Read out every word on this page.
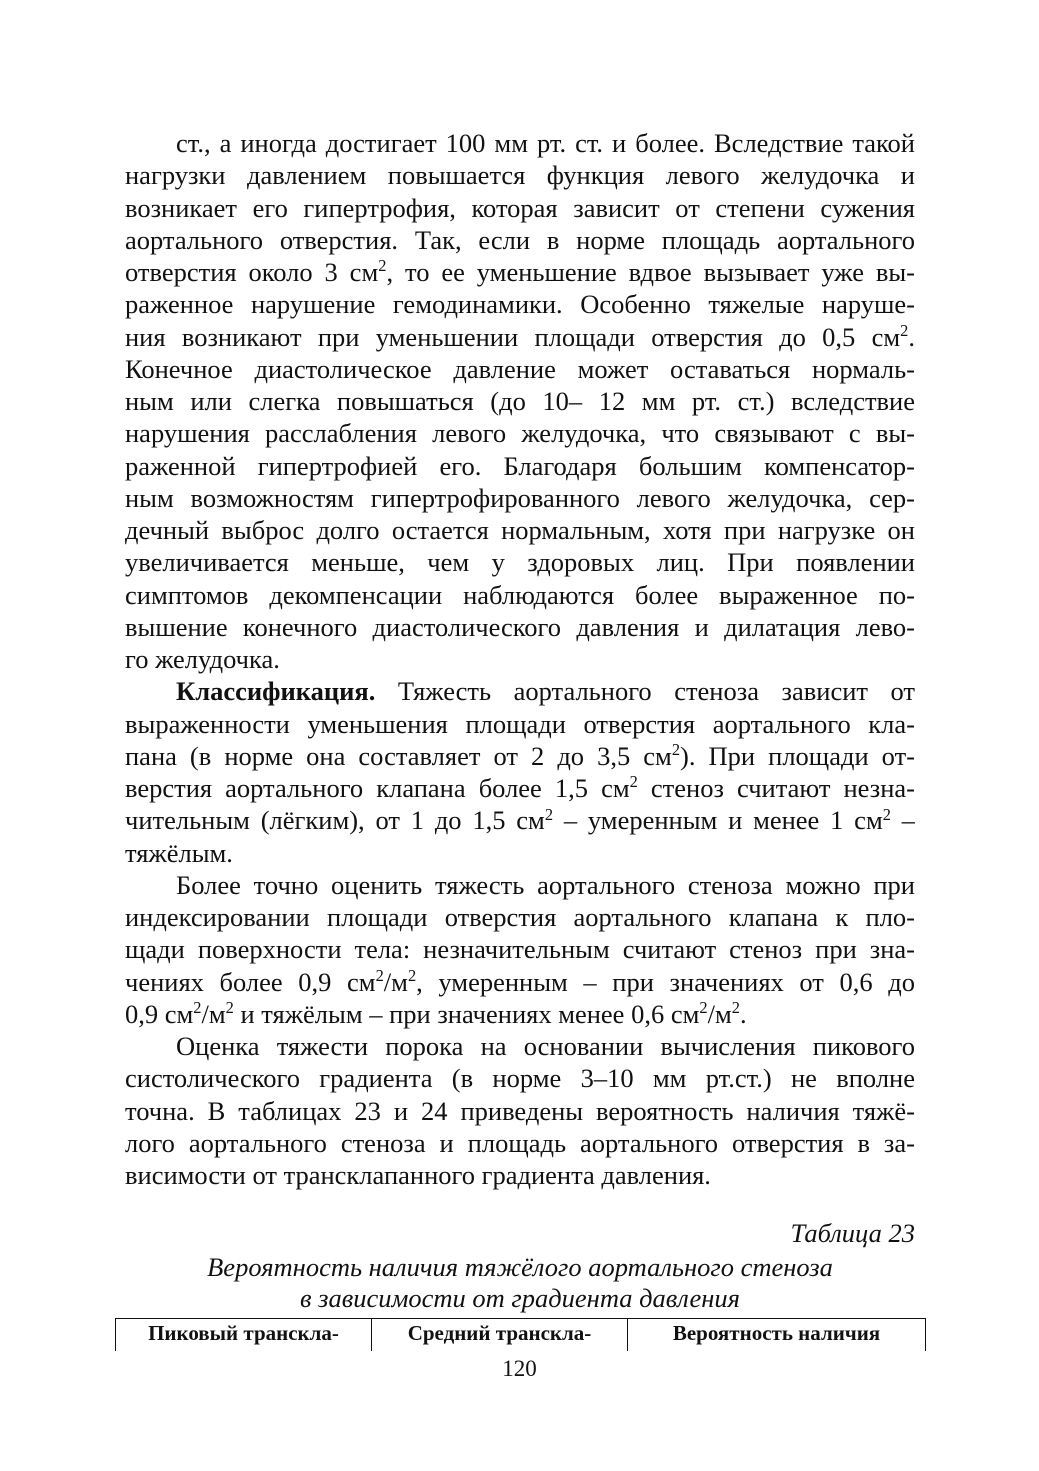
ст., а иногда достигает 100 мм рт. ст. и более. Вследствие такой
нагрузки давлением повышается функция левого желудочка и
возникает его гипертрофия, которая зависит от степени сужения
аортального отверстия. Так, если в норме площадь аортального
отверстия около 3 $см^2$, то ее уменьшение вдвое вызывает уже вы-
раженное нарушение гемодинамики. Особенно тяжелые наруше-
ния возникают при уменьшении площади отверстия до 0,5 $см^2$.
Конечное диастолическое давление может оставаться нормаль-
ным или слегка повышаться (до 10– 12 мм рт. ст.) вследствие
нарушения расслабления левого желудочка, что связывают с вы-
раженной гипертрофией его. Благодаря большим компенсатор-
ным возможностям гипертрофированного левого желудочка, сер-
дечный выброс долго остается нормальным, хотя при нагрузке он
увеличивается меньше, чем у здоровых лиц. При появлении
симптомов декомпенсации наблюдаются более выраженное по-
вышение конечного диастолического давления и дилатация лево-
го желудочка.
Классификация. Тяжесть аортального стеноза зависит от
выраженности уменьшения площади отверстия аортального кла-
пана (в норме она составляет от 2 до 3,5 $см^2$). При площади от-
верстия аортального клапана более 1,5 $см^2$ стеноз считают незна-
чительным (лёгким), от 1 до 1,5 $см^2$ – умеренным и менее 1 $см^2$ –
тяжёлым.
Более точно оценить тяжесть аортального стеноза можно при
индексировании площади отверстия аортального клапана к пло-
щади поверхности тела: незначительным считают стеноз при зна-
чениях более 0,9 $см^2/м^2$, умеренным – при значениях от 0,6 до
0,9 $см^2/м^2$ и тяжёлым – при значениях менее 0,6 $см^2/м^2$.
Оценка тяжести порока на основании вычисления пикового
систолического градиента (в норме 3–10 мм рт.ст.) не вполне
точна. В таблицах 23 и 24 приведены вероятность наличия тяжё-
лого аортального стеноза и площадь аортального отверстия в за-
висимости от трансклапанного градиента давления.
Таблица 23
Вероятность наличия тяжёлого аортального стеноза
в зависимости от градиента давления
Пиковый транскла-	Средний транскла-	Вероятность наличия
120
